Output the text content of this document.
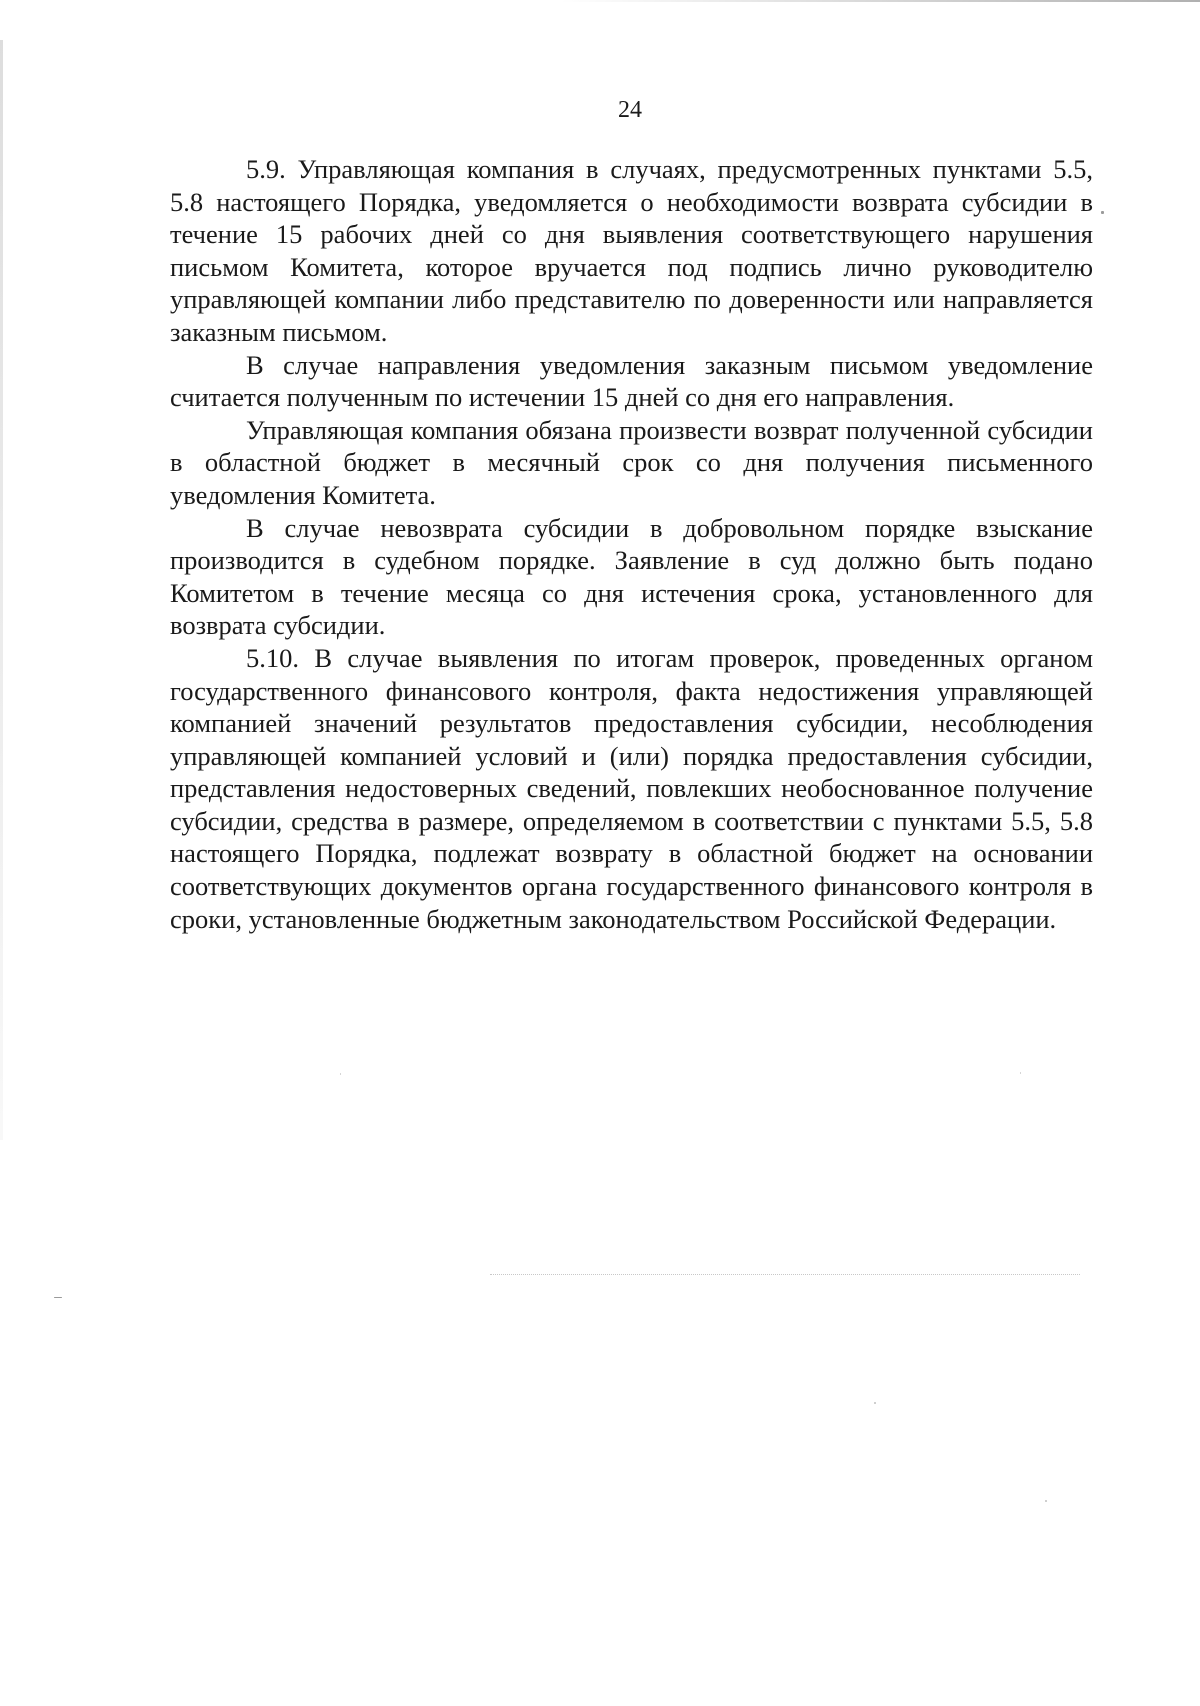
24

5.9. Управляющая компания в случаях, предусмотренных пунктами 5.5, 5.8 настоящего Порядка, уведомляется о необходимости возврата субсидии в течение 15 рабочих дней со дня выявления соответствующего нарушения письмом Комитета, которое вручается под подпись лично руководителю управляющей компании либо представителю по доверенности или направляется заказным письмом.

В случае направления уведомления заказным письмом уведомление считается полученным по истечении 15 дней со дня его направления.

Управляющая компания обязана произвести возврат полученной субсидии в областной бюджет в месячный срок со дня получения письменного уведомления Комитета.

В случае невозврата субсидии в добровольном порядке взыскание производится в судебном порядке. Заявление в суд должно быть подано Комитетом в течение месяца со дня истечения срока, установленного для возврата субсидии.

5.10. В случае выявления по итогам проверок, проведенных органом государственного финансового контроля, факта недостижения управляющей компанией значений результатов предоставления субсидии, несоблюдения управляющей компанией условий и (или) порядка предоставления субсидии, представления недостоверных сведений, повлекших необоснованное получение субсидии, средства в размере, определяемом в соответствии с пунктами 5.5, 5.8 настоящего Порядка, подлежат возврату в областной бюджет на основании соответствующих документов органа государственного финансового контроля в сроки, установленные бюджетным законодательством Российской Федерации.
